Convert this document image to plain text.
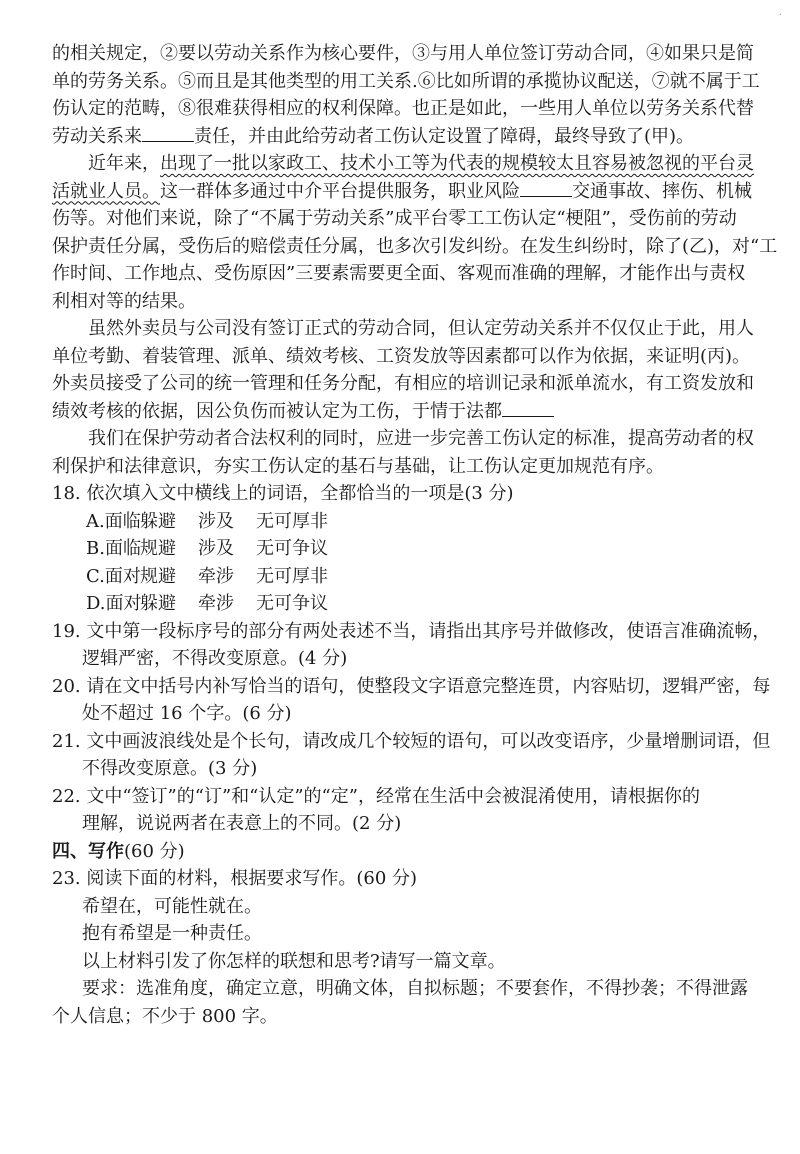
·
的相关规定，②要以劳动关系作为核心要件，③与用人单位签订劳动合同，④如果只是简
单的劳务关系。⑤而且是其他类型的用工关系.⑥比如所谓的承揽协议配送，⑦就不属于工
伤认定的范畴，⑧很难获得相应的权利保障。也正是如此，一些用人单位以劳务关系代替
劳动关系来	责任，并由此给劳动者工伤认定设置了障碍，最终导致了(甲)。
近年来，出现了一批以家政工、技术小工等为代表的规模较太且容易被忽视的平台灵
活就业人员。这一群体多通过中介平台提供服务，职业风险	交通事故、摔伤、机械
伤等。对他们来说，除了“不属于劳动关系”成平台零工工伤认定“梗阻”，受伤前的劳动
保护责任分属，受伤后的赔偿责任分属，也多次引发纠纷。在发生纠纷时，除了(乙)，对“工
作时间、工作地点、受伤原因”三要素需要更全面、客观而准确的理解，才能作出与责权
利相对等的结果。
虽然外卖员与公司没有签订正式的劳动合同，但认定劳动关系并不仅仅止于此，用人
单位考勤、着装管理、派单、绩效考核、工资发放等因素都可以作为依据，来证明(丙)。
外卖员接受了公司的统一管理和任务分配，有相应的培训记录和派单流水，有工资发放和
绩效考核的依据，因公负伤而被认定为工伤，于情于法都
我们在保护劳动者合法权利的同时，应进一步完善工伤认定的标准，提高劳动者的权
利保护和法律意识，夯实工伤认定的基石与基础，让工伤认定更加规范有序。
18. 依次填入文中横线上的词语，全都恰当的一项是(3 分)
A.面临躲避 涉及 无可厚非
B.面临规避 涉及 无可争议
C.面对规避 牵涉 无可厚非
D.面对躲避 牵涉 无可争议
19. 文中第一段标序号的部分有两处表述不当，请指出其序号并做修改，使语言准确流畅，
逻辑严密，不得改变原意。(4 分)
20. 请在文中括号内补写恰当的语句，使整段文字语意完整连贯，内容贴切，逻辑严密，每
处不超过 16 个字。(6 分)
21. 文中画波浪线处是个长句，请改成几个较短的语句，可以改变语序，少量增删词语，但
不得改变原意。(3 分)
22. 文中“签订”的“订”和“认定”的“定”，经常在生活中会被混淆使用，请根据你的
理解，说说两者在表意上的不同。(2 分)
四、写作(60 分)
23. 阅读下面的材料，根据要求写作。(60 分)
希望在，可能性就在。
抱有希望是一种责任。
以上材料引发了你怎样的联想和思考?请写一篇文章。
要求：选准角度，确定立意，明确文体，自拟标题；不要套作，不得抄袭；不得泄露
个人信息；不少于 800 字。
